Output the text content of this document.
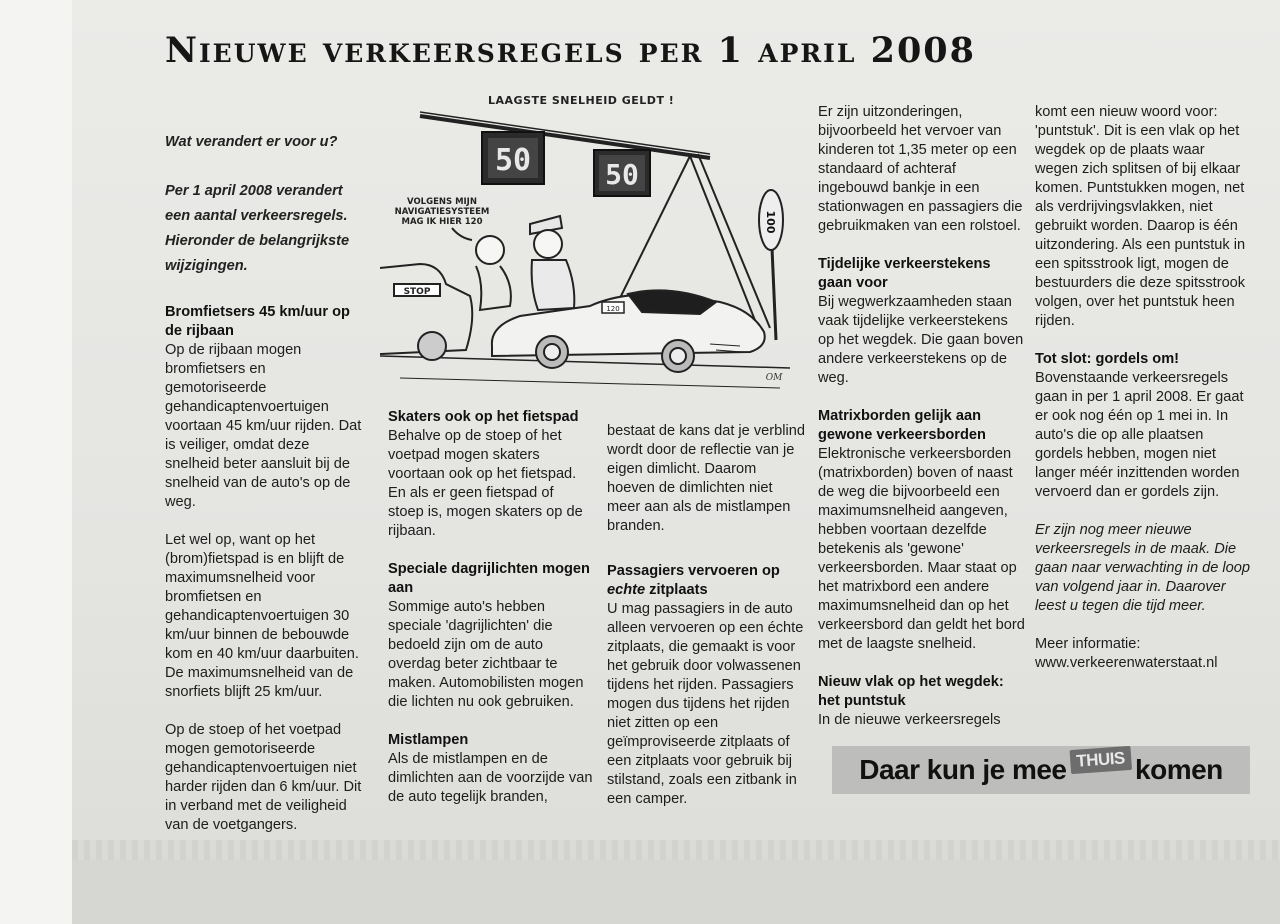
Nieuwe verkeersregels per 1 april 2008
50	50
100
LAAGSTE SNELHEID GELDT !
VOLGENS MIJN
NAVIGATIESYSTEEM
MAG IK HIER 120
STOP
120
OM

Wat verandert er voor u?

Per 1 april 2008 verandert een aantal verkeersregels. Hieronder de belangrijkste wijzigingen.

Bromfietsers 45 km/uur op de rijbaan

Op de rijbaan mogen bromfietsers en gemotoriseerde gehandicaptenvoertuigen voortaan 45 km/uur rijden. Dat is veiliger, omdat deze snelheid beter aansluit bij de snelheid van de auto's op de weg.

Let wel op, want op het (brom)fietspad is en blijft de maximumsnelheid voor bromfietsen en gehandicaptenvoertuigen 30 km/uur binnen de bebouwde kom en 40 km/uur daarbuiten. De maximumsnelheid van de snorfiets blijft 25 km/uur.

Op de stoep of het voetpad mogen gemotoriseerde gehandicaptenvoertuigen niet harder rijden dan 6 km/uur. Dit in verband met de veiligheid van de voetgangers.

Skaters ook op het fietspad

Behalve op de stoep of het voetpad mogen skaters voortaan ook op het fietspad. En als er geen fietspad of stoep is, mogen skaters op de rijbaan.

Speciale dagrijlichten mogen aan

Sommige auto's hebben speciale 'dagrijlichten' die bedoeld zijn om de auto overdag beter zichtbaar te maken. Automobilisten mogen die lichten nu ook gebruiken.

Mistlampen

Als de mistlampen en de dimlichten aan de voorzijde van de auto tegelijk branden,

bestaat de kans dat je verblind wordt door de reflectie van je eigen dimlicht. Daarom hoeven de dimlichten niet meer aan als de mistlampen branden.

Passagiers vervoeren op
echte zitplaats

U mag passagiers in de auto alleen vervoeren op een échte zitplaats, die gemaakt is voor het gebruik door volwassenen tijdens het rijden. Passagiers mogen dus tijdens het rijden niet zitten op een geïmproviseerde zitplaats of een zitplaats voor gebruik bij stilstand, zoals een zitbank in een camper.

Er zijn uitzonderingen, bijvoorbeeld het vervoer van kinderen tot 1,35 meter op een standaard of achteraf ingebouwd bankje in een stationwagen en passagiers die gebruikmaken van een rolstoel.

Tijdelijke verkeerstekens gaan voor

Bij wegwerkzaamheden staan vaak tijdelijke verkeerstekens op het wegdek. Die gaan boven andere verkeerstekens op de weg.

Matrixborden gelijk aan gewone verkeersborden

Elektronische verkeersborden (matrixborden) boven of naast de weg die bijvoorbeeld een maximumsnelheid aangeven, hebben voortaan dezelfde betekenis als 'gewone' verkeersborden. Maar staat op het matrixbord een andere maximumsnelheid dan op het verkeersbord dan geldt het bord met de laagste snelheid.

Nieuw vlak op het wegdek: het puntstuk

In de nieuwe verkeersregels

komt een nieuw woord voor: 'puntstuk'. Dit is een vlak op het wegdek op de plaats waar wegen zich splitsen of bij elkaar komen. Puntstukken mogen, net als verdrijvingsvlakken, niet gebruikt worden. Daarop is één uitzondering. Als een puntstuk in een spitsstrook ligt, mogen de bestuurders die deze spitsstrook volgen, over het puntstuk heen rijden.

Tot slot: gordels om!

Bovenstaande verkeersregels gaan in per 1 april 2008. Er gaat er ook nog één op 1 mei in. In auto's die op alle plaatsen gordels hebben, mogen niet langer méér inzittenden worden vervoerd dan er gordels zijn.

Er zijn nog meer nieuwe verkeersregels in de maak. Die gaan naar verwachting in de loop van volgend jaar in. Daarover leest u tegen die tijd meer.

Meer informatie:

www.verkeerenwaterstaat.nl

Daar kun je mee THUIS komen
